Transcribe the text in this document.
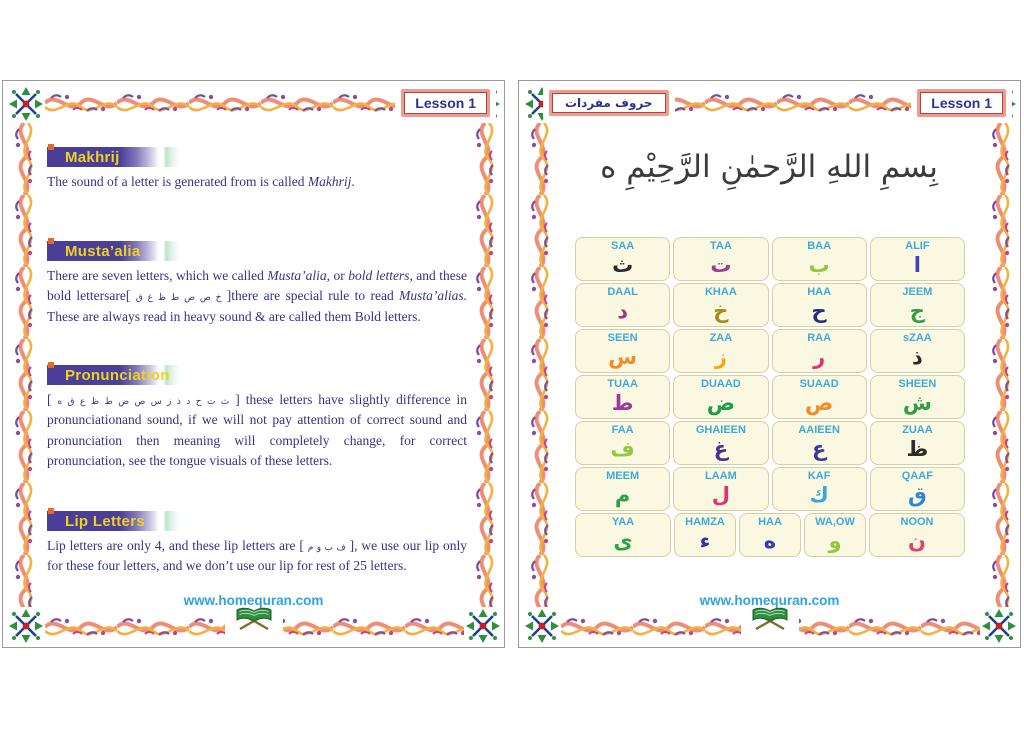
Lesson 1
Makhrij

The sound of a letter is generated from is called Makhrij.

Musta’alia

There are seven letters, which we called Musta’alia, or bold letters, and these bold lettersare[ خ ص ض ط ظ غ ق ]there are special rule to read Musta’alias. These are always read in heavy sound & are called them Bold letters.

Pronunciation

[ ث ت ح د ذ ز س ص ض ط ظ ع ق ه ] these letters have slightly difference in pronunciationand sound, if we will not pay attention of correct sound and pronunciation then meaning will completely change, for correct pronunciation, see the tongue visuals of these letters.

Lip Letters

Lip letters are only 4, and these lip letters are [ ف ب و م ], we use our lip only for these four letters, and we don’t use our lip for rest of 25 letters.

www.homequran.com
حروف مفردات	Lesson 1
بِسمِ اللهِ الرَّحمٰنِ الرَّحِيْمِ ه
SAA
ث
TAA
ت
BAA
ب
ALIF
ا
DAAL
د
KHAA
خ
HAA
ح
JEEM
ج
SEEN
س
ZAA
ز
RAA
ر
sZAA
ذ
TUAA
ط
DUAAD
ض
SUAAD
ص
SHEEN
ش
FAA
ف
GHAIEEN
غ
AAIEEN
ع
ZUAA
ظ
MEEM
م
LAAM
ل
KAF
ك
QAAF
ق
YAA
ى
HAMZA
ء
HAA
ه
WA,OW
و
NOON
ن
www.homequran.com
